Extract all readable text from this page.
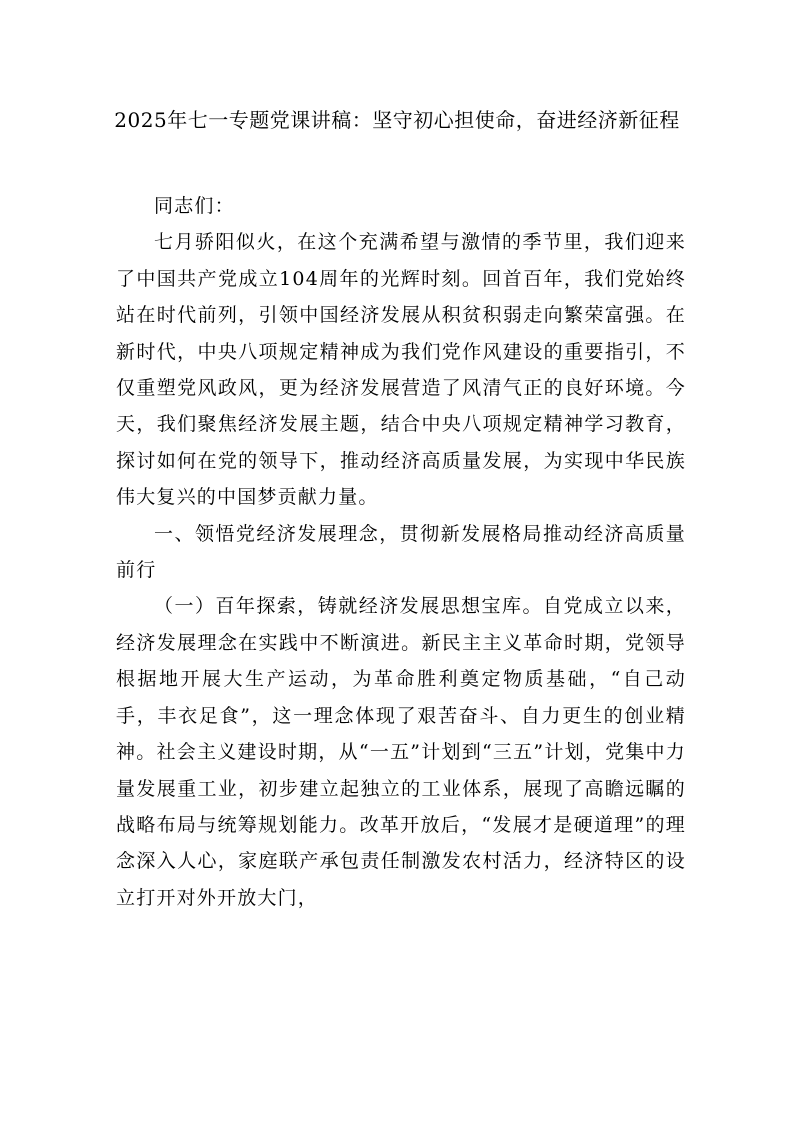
2025年七一专题党课讲稿：坚守初心担使命，奋进经济新征程

同志们：

七月骄阳似火，在这个充满希望与激情的季节里，我们迎来了中国共产党成立104周年的光辉时刻。回首百年，我们党始终站在时代前列，引领中国经济发展从积贫积弱走向繁荣富强。在新时代，中央八项规定精神成为我们党作风建设的重要指引，不仅重塑党风政风，更为经济发展营造了风清气正的良好环境。今天，我们聚焦经济发展主题，结合中央八项规定精神学习教育，探讨如何在党的领导下，推动经济高质量发展，为实现中华民族伟大复兴的中国梦贡献力量。

一、领悟党经济发展理念，贯彻新发展格局推动经济高质量前行

（一）百年探索，铸就经济发展思想宝库。自党成立以来，经济发展理念在实践中不断演进。新民主主义革命时期，党领导根据地开展大生产运动，为革命胜利奠定物质基础，“自己动手，丰衣足食”，这一理念体现了艰苦奋斗、自力更生的创业精神。社会主义建设时期，从“一五”计划到“三五”计划，党集中力量发展重工业，初步建立起独立的工业体系，展现了高瞻远瞩的战略布局与统筹规划能力。改革开放后，“发展才是硬道理”的理念深入人心，家庭联产承包责任制激发农村活力，经济特区的设立打开对外开放大门，
